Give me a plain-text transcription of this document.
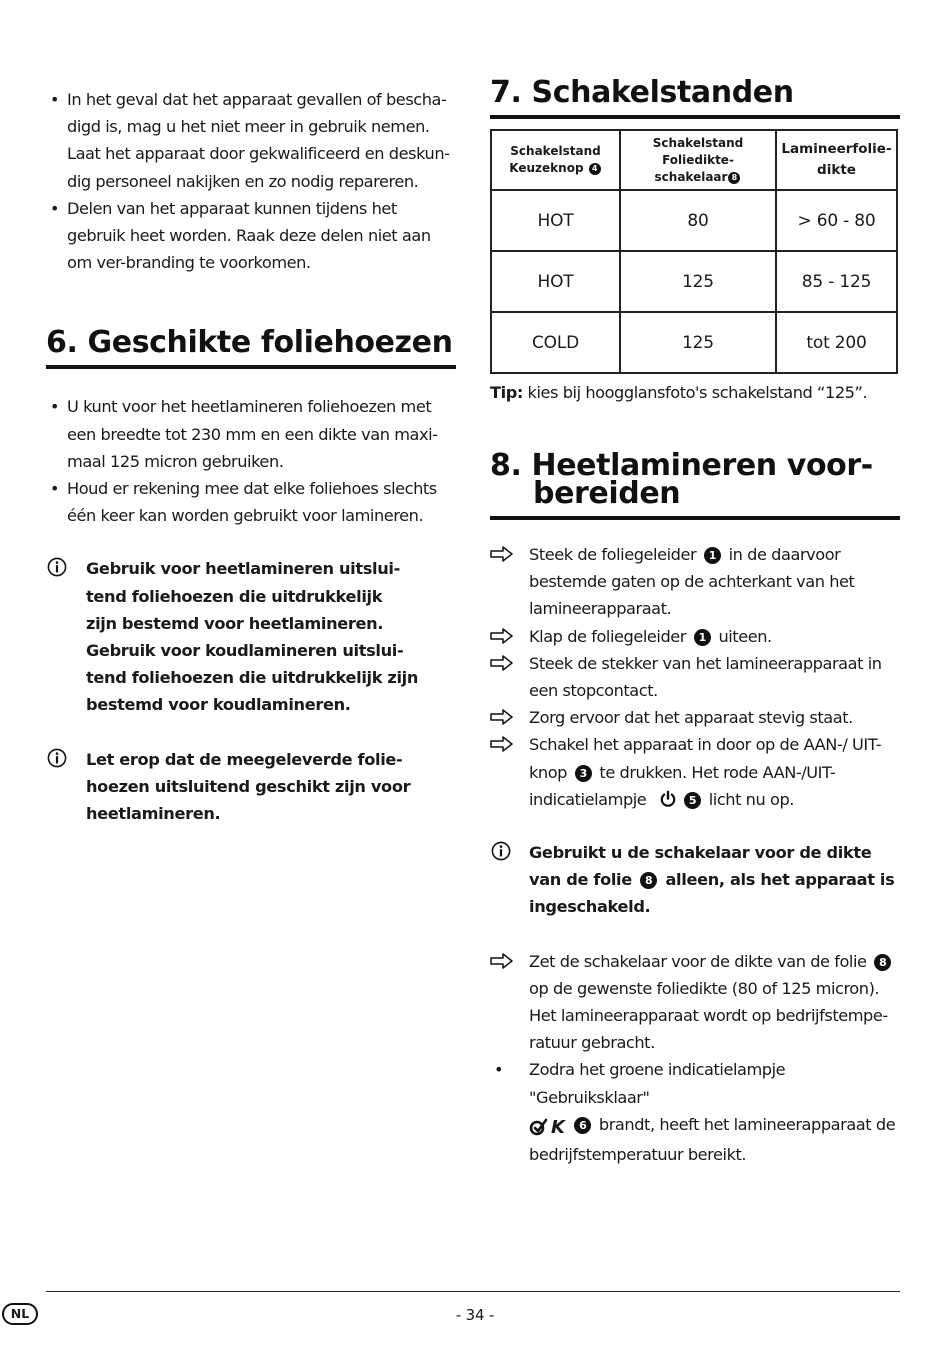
• In het geval dat het apparaat gevallen of bescha-digd is, mag u het niet meer in gebruik nemen. Laat het apparaat door gekwalificeerd en deskun-dig personeel nakijken en zo nodig repareren.
• Delen van het apparaat kunnen tijdens het gebruik heet worden. Raak deze delen niet aan om ver-branding te voorkomen.
6. Geschikte foliehoezen
• U kunt voor het heetlamineren foliehoezen met een breedte tot 230 mm en een dikte van maxi-maal 125 micron gebruiken.
• Houd er rekening mee dat elke foliehoes slechts één keer kan worden gebruikt voor lamineren.

Gebruik voor heetlamineren uitslui-

tend foliehoezen die uitdrukkelijk

zijn bestemd voor heetlamineren.

Gebruik voor koudlamineren uitslui-

tend foliehoezen die uitdrukkelijk zijn

bestemd voor koudlamineren.

Let erop dat de meegeleverde folie-

hoezen uitsluitend geschikt zijn voor

heetlamineren.

7. Schakelstanden
Schakelstand
Keuzeknop 4	Schakelstand
Foliedikte-
schakelaar 8	Lamineerfolie-
dikte
HOT	80	> 60 - 80
HOT	125	85 - 125
COLD	125	tot 200
Tip: kies bij hoogglansfoto's schakelstand “125”.
8. Heetlamineren voor-
bereiden
Steek de foliegeleider 1 in de daarvoor bestemde gaten op de achterkant van het lamineerapparaat.
Klap de foliegeleider 1 uiteen.
Steek de stekker van het lamineerapparaat in een stopcontact.
Zorg ervoor dat het apparaat stevig staat.
Schakel het apparaat in door op de AAN-/ UIT-knop 3 te drukken. Het rode AAN-/UIT-indicatielampje	5 licht nu op.

Gebruikt u de schakelaar voor de dikte van de folie 8 alleen, als het apparaat is ingeschakeld.

Zet de schakelaar voor de dikte van de folie 8 op de gewenste foliedikte (80 of 125 micron). Het lamineerapparaat wordt op bedrijfstempe-ratuur gebracht.
• Zodra het groene indicatielampje "Gebruiksklaar"
K 6 brandt, heeft het lamineerapparaat de bedrijfstemperatuur bereikt.
NL	- 34 -
